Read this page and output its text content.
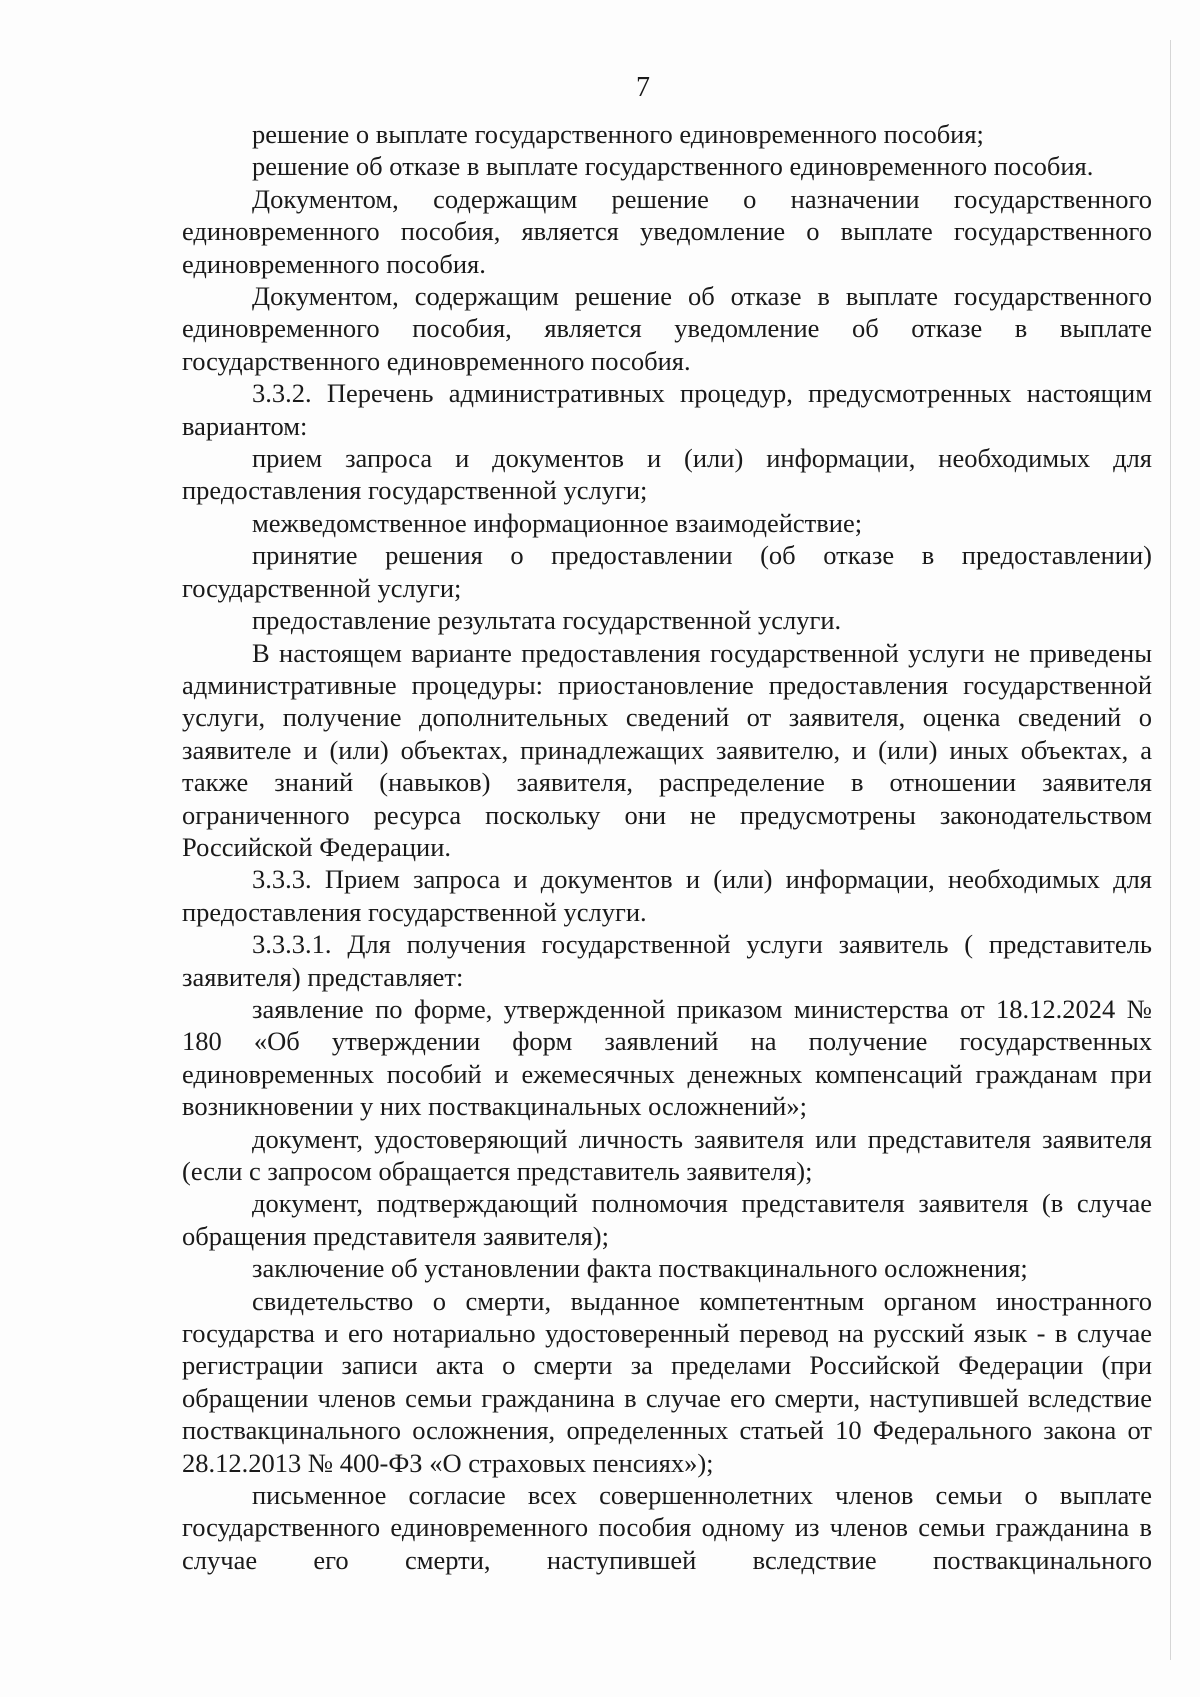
7

решение о выплате государственного единовременного пособия;

решение об отказе в выплате государственного единовременного пособия.

Документом, содержащим решение о назначении государственного единовременного пособия, является уведомление о выплате государственного единовременного пособия.

Документом, содержащим решение об отказе в выплате государственного единовременного пособия, является уведомление об отказе в выплате государственного единовременного пособия.

3.3.2. Перечень административных процедур, предусмотренных настоящим вариантом:

прием запроса и документов и (или) информации, необходимых для предоставления государственной услуги;

межведомственное информационное взаимодействие;

принятие решения о предоставлении (об отказе в предоставлении) государственной услуги;

предоставление результата государственной услуги.

В настоящем варианте предоставления государственной услуги не приведены административные процедуры: приостановление предоставления государственной услуги, получение дополнительных сведений от заявителя, оценка сведений о заявителе и (или) объектах, принадлежащих заявителю, и (или) иных объектах, а также знаний (навыков) заявителя, распределение в отношении заявителя ограниченного ресурса поскольку они не предусмотрены законодательством Российской Федерации.

3.3.3. Прием запроса и документов и (или) информации, необходимых для предоставления государственной услуги.

3.3.3.1. Для получения государственной услуги заявитель ( представитель заявителя) представляет:

заявление по форме, утвержденной приказом министерства от 18.12.2024 № 180 «Об утверждении форм заявлений на получение государственных единовременных пособий и ежемесячных денежных компенсаций гражданам при возникновении у них поствакцинальных осложнений»;

документ, удостоверяющий личность заявителя или представителя заявителя (если с запросом обращается представитель заявителя);

документ, подтверждающий полномочия представителя заявителя (в случае обращения представителя заявителя);

заключение об установлении факта поствакцинального осложнения;

свидетельство о смерти, выданное компетентным органом иностранного государства и его нотариально удостоверенный перевод на русский язык - в случае регистрации записи акта о смерти за пределами Российской Федерации (при обращении членов семьи гражданина в случае его смерти, наступившей вследствие поствакцинального осложнения, определенных статьей 10 Федерального закона от 28.12.2013 № 400-ФЗ «О страховых пенсиях»);

письменное согласие всех совершеннолетних членов семьи о выплате государственного единовременного пособия одному из членов семьи гражданина в случае его смерти, наступившей вследствие поствакцинального
